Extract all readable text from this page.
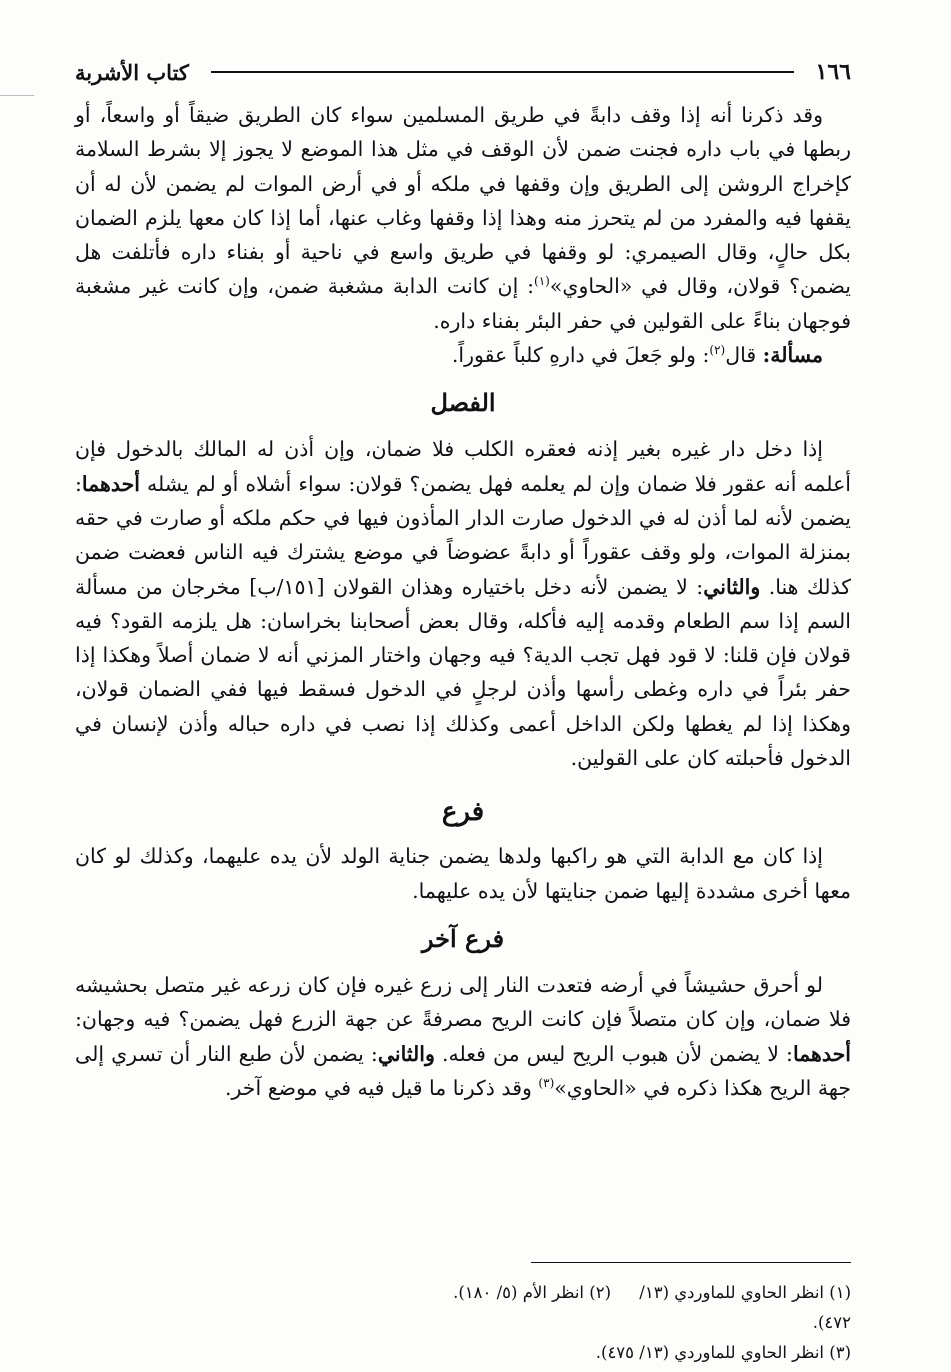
١٦٦
كتاب الأشربة

وقد ذكرنا أنه إذا وقف دابةً في طريق المسلمين سواء كان الطريق ضيقاً أو واسعاً، أو ربطها في باب داره فجنت ضمن لأن الوقف في مثل هذا الموضع لا يجوز إلا بشرط السلامة كإخراج الروشن إلى الطريق وإن وقفها في ملكه أو في أرض الموات لم يضمن لأن له أن يقفها فيه والمفرد من لم يتحرز منه وهذا إذا وقفها وغاب عنها، أما إذا كان معها يلزم الضمان بكل حالٍ، وقال الصيمري: لو وقفها في طريق واسع في ناحية أو بفناء داره فأتلفت هل يضمن؟ قولان، وقال في «الحاوي»$^{(١)}$: إن كانت الدابة مشغبة ضمن، وإن كانت غير مشغبة فوجهان بناءً على القولين في حفر البئر بفناء داره.

مسألة: قال$^{(٢)}$: ولو جَعلَ في دارهِ كلباً عقوراً.

الفصل

إذا دخل دار غيره بغير إذنه فعقره الكلب فلا ضمان، وإن أذن له المالك بالدخول فإن أعلمه أنه عقور فلا ضمان وإن لم يعلمه فهل يضمن؟ قولان: سواء أشلاه أو لم يشله أحدهما: يضمن لأنه لما أذن له في الدخول صارت الدار المأذون فيها في حكم ملكه أو صارت في حقه بمنزلة الموات، ولو وقف عقوراً أو دابةً عضوضاً في موضع يشترك فيه الناس فعضت ضمن كذلك هنا. والثاني: لا يضمن لأنه دخل باختياره وهذان القولان [١٥١/ب] مخرجان من مسألة السم إذا سم الطعام وقدمه إليه فأكله، وقال بعض أصحابنا بخراسان: هل يلزمه القود؟ فيه قولان فإن قلنا: لا قود فهل تجب الدية؟ فيه وجهان واختار المزني أنه لا ضمان أصلاً وهكذا إذا حفر بئراً في داره وغطى رأسها وأذن لرجلٍ في الدخول فسقط فيها ففي الضمان قولان، وهكذا إذا لم يغطها ولكن الداخل أعمى وكذلك إذا نصب في داره حباله وأذن لإنسان في الدخول فأحبلته كان على القولين.

فرع

إذا كان مع الدابة التي هو راكبها ولدها يضمن جناية الولد لأن يده عليهما، وكذلك لو كان معها أخرى مشددة إليها ضمن جنايتها لأن يده عليهما.

فرع آخر

لو أحرق حشيشاً في أرضه فتعدت النار إلى زرع غيره فإن كان زرعه غير متصل بحشيشه فلا ضمان، وإن كان متصلاً فإن كانت الريح مصرفةً عن جهة الزرع فهل يضمن؟ فيه وجهان: أحدهما: لا يضمن لأن هبوب الريح ليس من فعله. والثاني: يضمن لأن طبع النار أن تسري إلى جهة الريح هكذا ذكره في «الحاوي»$^{(٣)}$ وقد ذكرنا ما قيل فيه في موضع آخر.

(١) انظر الحاوي للماوردي (١٣/ ٤٧٢).
(٢) انظر الأم (٥/ ١٨٠).
(٣) انظر الحاوي للماوردي (١٣/ ٤٧٥).
